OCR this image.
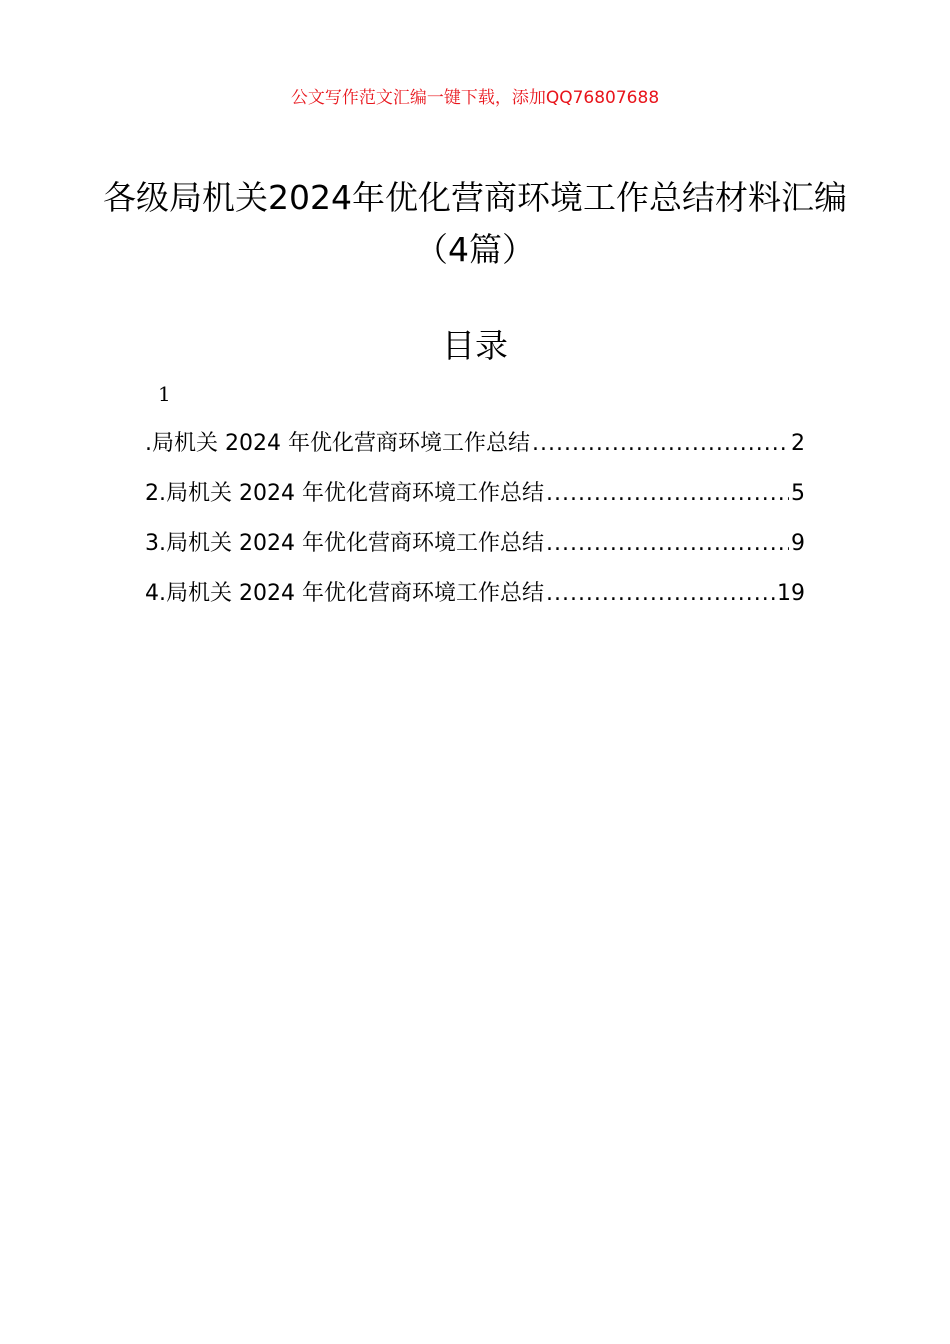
公文写作范文汇编一键下载，添加QQ76807688
各级局机关2024年优化营商环境工作总结材料汇编（4篇）
目录
1
.局机关 2024 年优化营商环境工作总结 .....	2
2.局机关 2024 年优化营商环境工作总结 .....	5
3.局机关 2024 年优化营商环境工作总结 .....	9
4.局机关 2024 年优化营商环境工作总结 .....	19
